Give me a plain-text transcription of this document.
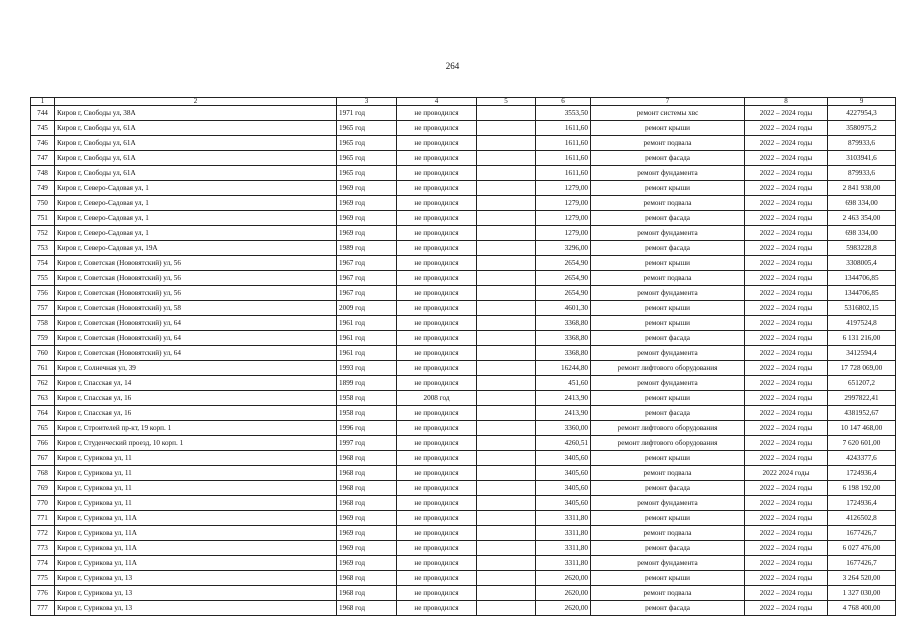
264
1	2	3	4	5	6	7	8	9
744	Киров г, Свободы ул, 38А	1971 год	не проводился		3553,50	ремонт системы хвс	2022 – 2024 годы	4227954,3
745	Киров г, Свободы ул, 61А	1965 год	не проводился		1611,60	ремонт крыши	2022 – 2024 годы	3580975,2
746	Киров г, Свободы ул, 61А	1965 год	не проводился		1611,60	ремонт подвала	2022 – 2024 годы	879933,6
747	Киров г, Свободы ул, 61А	1965 год	не проводился		1611,60	ремонт фасада	2022 – 2024 годы	3103941,6
748	Киров г, Свободы ул, 61А	1965 год	не проводился		1611,60	ремонт фундамента	2022 – 2024 годы	879933,6
749	Киров г, Северо-Садовая ул, 1	1969 год	не проводился		1279,00	ремонт крыши	2022 – 2024 годы	2 841 938,00
750	Киров г, Северо-Садовая ул, 1	1969 год	не проводился		1279,00	ремонт подвала	2022 – 2024 годы	698 334,00
751	Киров г, Северо-Садовая ул, 1	1969 год	не проводился		1279,00	ремонт фасада	2022 – 2024 годы	2 463 354,00
752	Киров г, Северо-Садовая ул, 1	1969 год	не проводился		1279,00	ремонт фундамента	2022 – 2024 годы	698 334,00
753	Киров г, Северо-Садовая ул, 19А	1989 год	не проводился		3296,00	ремонт фасада	2022 – 2024 годы	5983228,8
754	Киров г, Советская (Нововятский) ул, 56	1967 год	не проводился		2654,90	ремонт крыши	2022 – 2024 годы	3308005,4
755	Киров г, Советская (Нововятский) ул, 56	1967 год	не проводился		2654,90	ремонт подвала	2022 – 2024 годы	1344706,85
756	Киров г, Советская (Нововятский) ул, 56	1967 год	не проводился		2654,90	ремонт фундамента	2022 – 2024 годы	1344706,85
757	Киров г, Советская (Нововятский) ул, 58	2009 год	не проводился		4601,30	ремонт крыши	2022 – 2024 годы	5316802,15
758	Киров г, Советская (Нововятский) ул, 64	1961 год	не проводился		3368,80	ремонт крыши	2022 – 2024 годы	4197524,8
759	Киров г, Советская (Нововятский) ул, 64	1961 год	не проводился		3368,80	ремонт фасада	2022 – 2024 годы	6 131 216,00
760	Киров г, Советская (Нововятский) ул, 64	1961 год	не проводился		3368,80	ремонт фундамента	2022 – 2024 годы	3412594,4
761	Киров г, Солнечная ул, 39	1993 год	не проводился		16244,80	ремонт лифтового оборудования	2022 – 2024 годы	17 728 069,00
762	Киров г, Спасская ул, 14	1899 год	не проводился		451,60	ремонт фундамента	2022 – 2024 годы	651207,2
763	Киров г, Спасская ул, 16	1958 год	2008 год		2413,90	ремонт крыши	2022 – 2024 годы	2997822,41
764	Киров г, Спасская ул, 16	1958 год	не проводился		2413,90	ремонт фасада	2022 – 2024 годы	4381952,67
765	Киров г, Строителей пр-кт, 19 корп. 1	1996 год	не проводился		3360,00	ремонт лифтового оборудования	2022 – 2024 годы	10 147 468,00
766	Киров г, Студенческий проезд, 10 корп. 1	1997 год	не проводился		4260,51	ремонт лифтового оборудования	2022 – 2024 годы	7 620 601,00
767	Киров г, Сурикова ул, 11	1968 год	не проводился		3405,60	ремонт крыши	2022 – 2024 годы	4243377,6
768	Киров г, Сурикова ул, 11	1968 год	не проводился		3405,60	ремонт подвала	2022 2024 годы	1724936,4
769	Киров г, Сурикова ул, 11	1968 год	не проводился		3405,60	ремонт фасада	2022 – 2024 годы	6 198 192,00
770	Киров г, Сурикова ул, 11	1968 год	не проводился		3405,60	ремонт фундамента	2022 – 2024 годы	1724936,4
771	Киров г, Сурикова ул, 11А	1969 год	не проводился		3311,80	ремонт крыши	2022 – 2024 годы	4126502,8
772	Киров г, Сурикова ул, 11А	1969 год	не проводился		3311,80	ремонт подвала	2022 – 2024 годы	1677426,7
773	Киров г, Сурикова ул, 11А	1969 год	не проводился		3311,80	ремонт фасада	2022 – 2024 годы	6 027 476,00
774	Киров г, Сурикова ул, 11А	1969 год	не проводился		3311,80	ремонт фундамента	2022 – 2024 годы	1677426,7
775	Киров г, Сурикова ул, 13	1968 год	не проводился		2620,00	ремонт крыши	2022 – 2024 годы	3 264 520,00
776	Киров г, Сурикова ул, 13	1968 год	не проводился		2620,00	ремонт подвала	2022 – 2024 годы	1 327 030,00
777	Киров г, Сурикова ул, 13	1968 год	не проводился		2620,00	ремонт фасада	2022 – 2024 годы	4 768 400,00
